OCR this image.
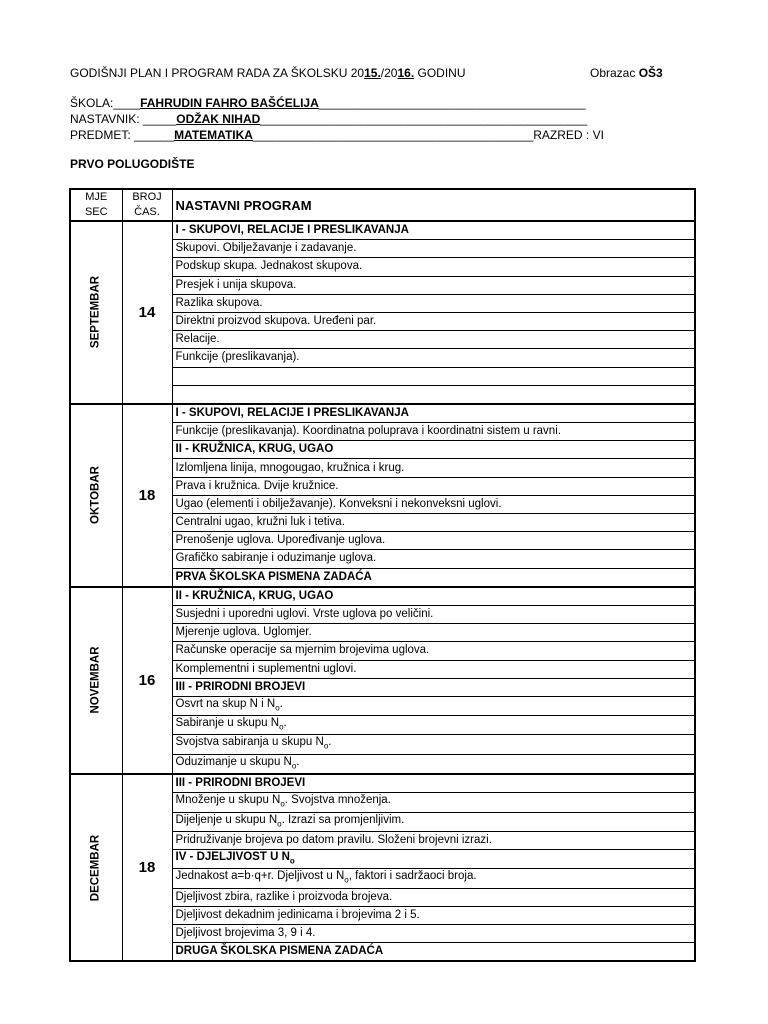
GODIŠNJI PLAN I PROGRAM RADA ZA ŠKOLSKU 2015./2016. GODINU	Obrazac OŠ3
ŠKOLA:____FAHRUDIN FAHRO BAŠĆELIJA________________________________________
NASTAVNIK: _____ODŽAK NIHAD_________________________________________________
PREDMET: ______MATEMATIKA__________________________________________RAZRED : VI
PRVO POLUGODIŠTE
MJE SEC	BROJ ČAS.	NASTAVNI PROGRAM

SEPTEMBAR	14	I - SKUPOVI, RELACIJE I PRESLIKAVANJA
		Skupovi. Obilježavanje i zadavanje.
		Podskup skupa. Jednakost skupova.
		Presjek i unija skupova.
		Razlika skupova.
		Direktni proizvod skupova. Uređeni par.
		Relacije.
		Funkcije (preslikavanja).

OKTOBAR	18	I - SKUPOVI, RELACIJE I PRESLIKAVANJA
		Funkcije (preslikavanja). Koordinatna poluprava i koordinatni sistem u ravni.
		II - KRUŽNICA, KRUG, UGAO
		Izlomljena linija, mnogougao, kružnica i krug.
		Prava i kružnica. Dvije kružnice.
		Ugao (elementi i obilježavanje). Konveksni i nekonveksni uglovi.
		Centralni ugao, kružni luk i tetiva.
		Prenošenje uglova. Upoređivanje uglova.
		Grafičko sabiranje i oduzimanje uglova.
		PRVA ŠKOLSKA PISMENA ZADAĆA

NOVEMBAR	16	II - KRUŽNICA, KRUG, UGAO
		Susjedni i uporedni uglovi. Vrste uglova po veličini.
		Mjerenje uglova. Uglomjer.
		Računske operacije sa mjernim brojevima uglova.
		Komplementni i suplementni uglovi.
		III - PRIRODNI BROJEVI
		Osvrt na skup N i $N_o$.
		Sabiranje u skupu $N_o$.
		Svojstva sabiranja u skupu $N_o$.
		Oduzimanje u skupu $N_o$.

DECEMBAR	18	III - PRIRODNI BROJEVI
		Množenje u skupu $N_o$. Svojstva množenja.
		Dijeljenje u skupu $N_o$. Izrazi sa promjenljivim.
		Pridruživanje brojeva po datom pravilu. Složeni brojevni izrazi.
		IV - DJELJIVOST U $N_o$
		Jednakost a=b·q+r. Djeljivost u $N_o$, faktori i sadržaoci broja.
		Djeljivost zbira, razlike i proizvoda brojeva.
		Djeljivost dekadnim jedinicama i brojevima 2 i 5.
		Djeljivost brojevima 3, 9 i 4.
		DRUGA ŠKOLSKA PISMENA ZADAĆA
